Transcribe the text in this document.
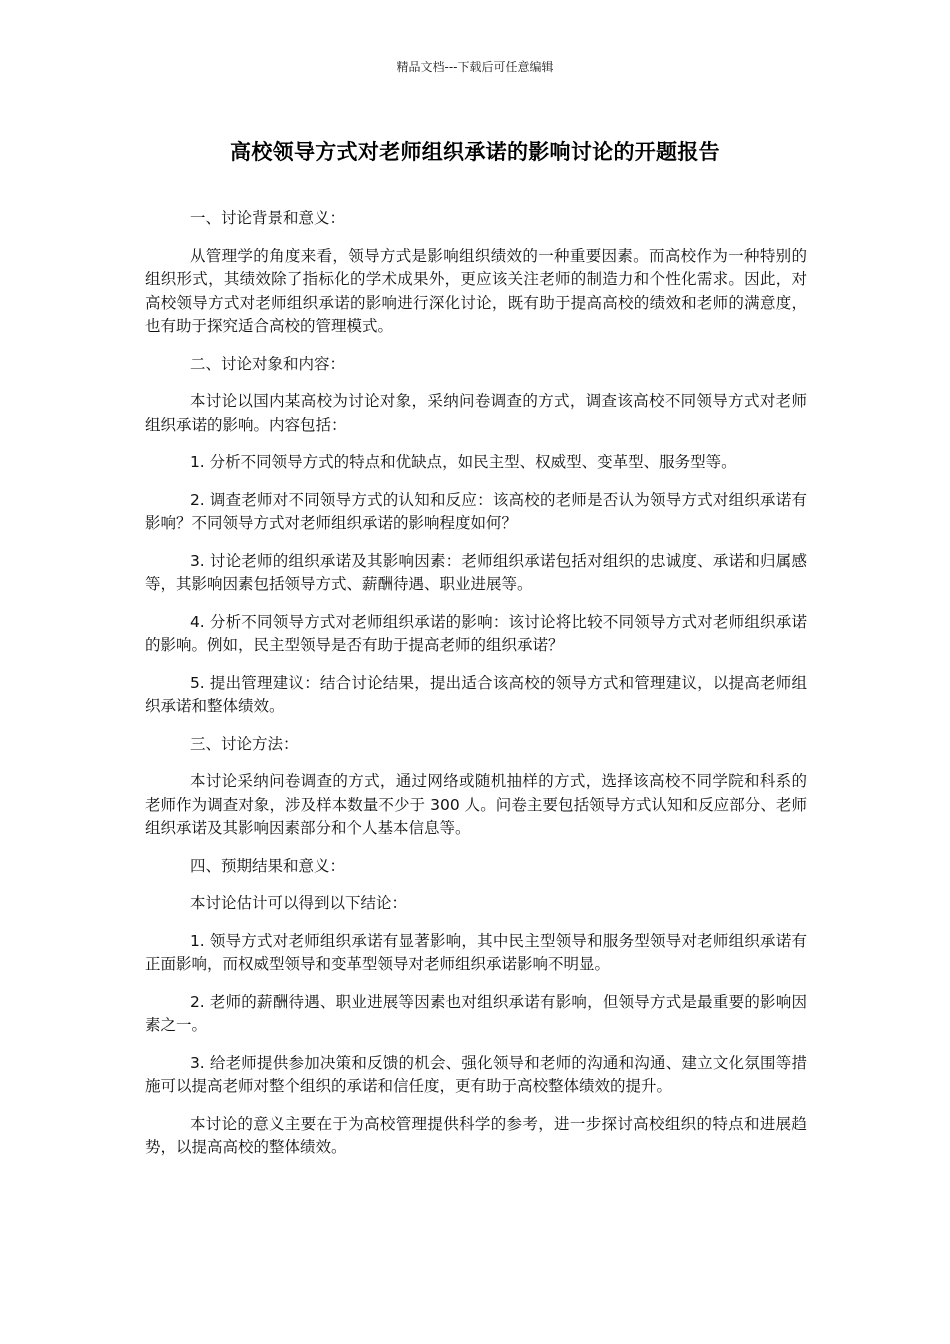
精品文档---下载后可任意编辑
高校领导方式对老师组织承诺的影响讨论的开题报告

一、讨论背景和意义：

从管理学的角度来看，领导方式是影响组织绩效的一种重要因素。而高校作为一种特别的组织形式，其绩效除了指标化的学术成果外，更应该关注老师的制造力和个性化需求。因此，对高校领导方式对老师组织承诺的影响进行深化讨论，既有助于提高高校的绩效和老师的满意度，也有助于探究适合高校的管理模式。

二、讨论对象和内容：

本讨论以国内某高校为讨论对象，采纳问卷调查的方式，调查该高校不同领导方式对老师组织承诺的影响。内容包括：

1. 分析不同领导方式的特点和优缺点，如民主型、权威型、变革型、服务型等。

2. 调查老师对不同领导方式的认知和反应：该高校的老师是否认为领导方式对组织承诺有影响？不同领导方式对老师组织承诺的影响程度如何？

3. 讨论老师的组织承诺及其影响因素：老师组织承诺包括对组织的忠诚度、承诺和归属感等，其影响因素包括领导方式、薪酬待遇、职业进展等。

4. 分析不同领导方式对老师组织承诺的影响：该讨论将比较不同领导方式对老师组织承诺的影响。例如，民主型领导是否有助于提高老师的组织承诺？

5. 提出管理建议：结合讨论结果，提出适合该高校的领导方式和管理建议，以提高老师组织承诺和整体绩效。

三、讨论方法：

本讨论采纳问卷调查的方式，通过网络或随机抽样的方式，选择该高校不同学院和科系的老师作为调查对象，涉及样本数量不少于 300 人。问卷主要包括领导方式认知和反应部分、老师组织承诺及其影响因素部分和个人基本信息等。

四、预期结果和意义：

本讨论估计可以得到以下结论：

1. 领导方式对老师组织承诺有显著影响，其中民主型领导和服务型领导对老师组织承诺有正面影响，而权威型领导和变革型领导对老师组织承诺影响不明显。

2. 老师的薪酬待遇、职业进展等因素也对组织承诺有影响，但领导方式是最重要的影响因素之一。

3. 给老师提供参加决策和反馈的机会、强化领导和老师的沟通和沟通、建立文化氛围等措施可以提高老师对整个组织的承诺和信任度，更有助于高校整体绩效的提升。

本讨论的意义主要在于为高校管理提供科学的参考，进一步探讨高校组织的特点和进展趋势，以提高高校的整体绩效。
